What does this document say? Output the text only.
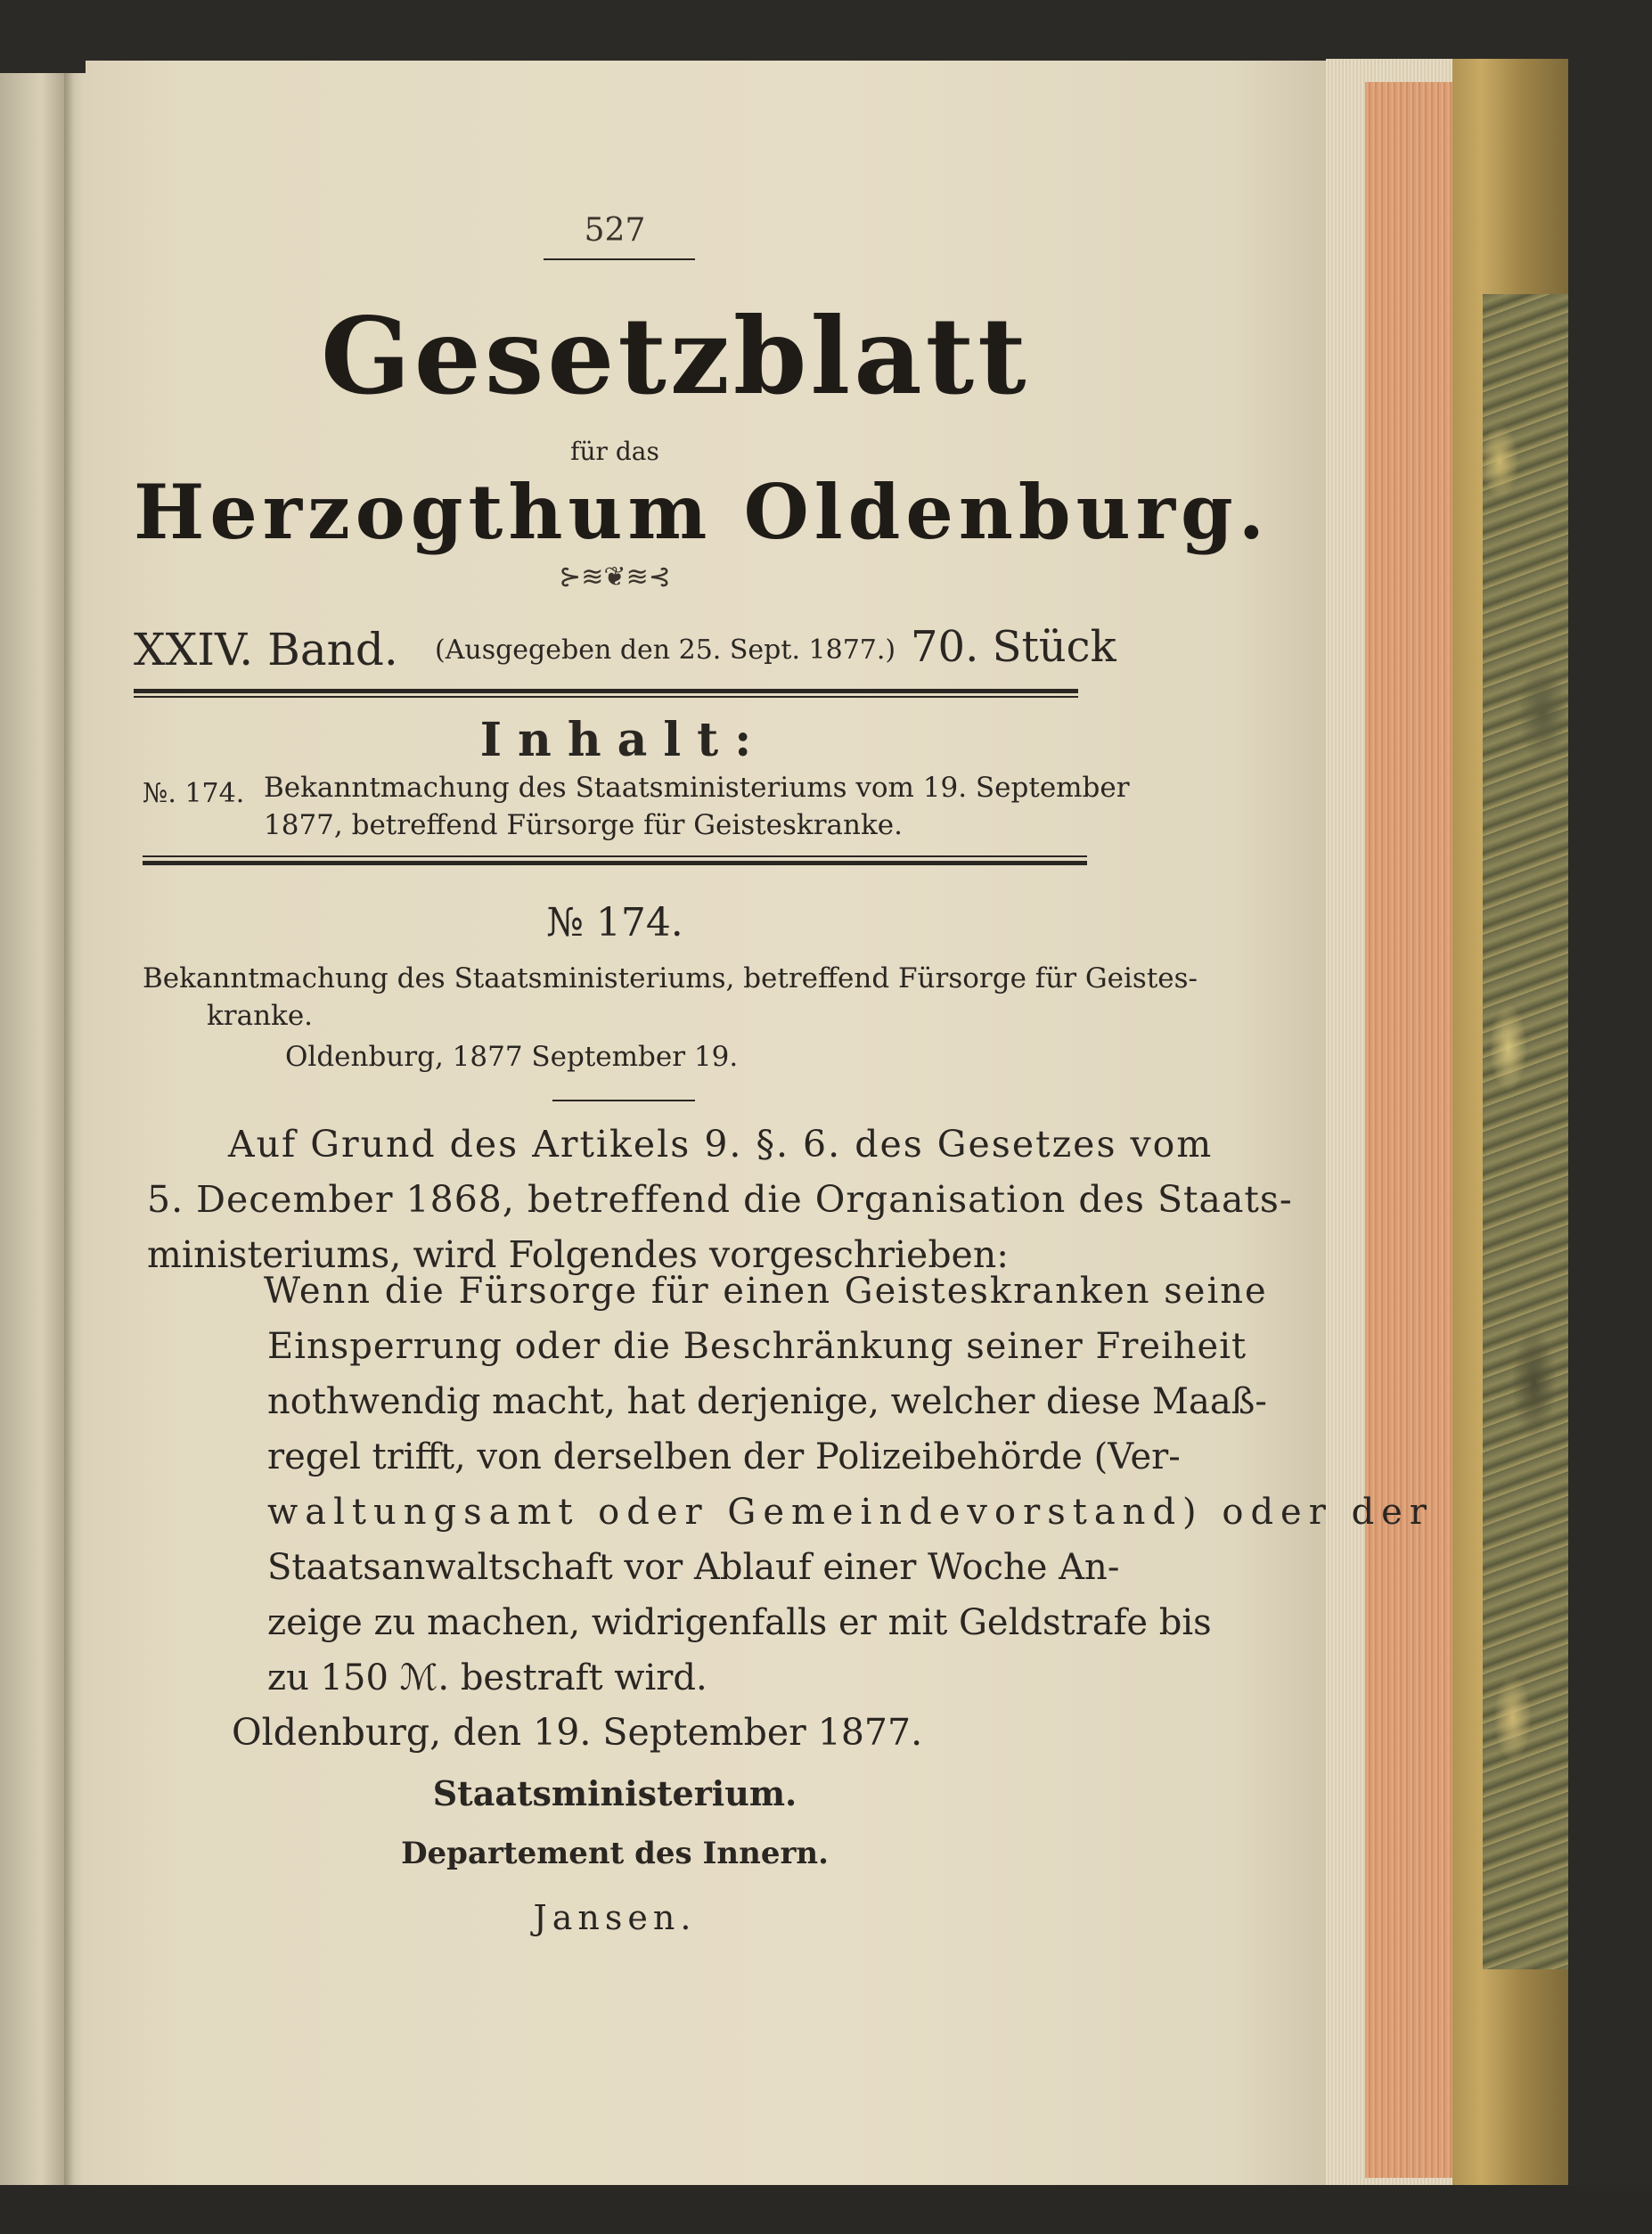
527
Gesetzblatt
für das
Herzogthum Oldenburg.
⊱≋❦≋⊰
XXIV. Band. (Ausgegeben den 25. Sept. 1877.) 70. Stück
Inhalt:
№. 174. Bekanntmachung des Staatsministeriums vom 19. September
1877, betreffend Fürsorge für Geisteskranke.
№ 174.
Bekanntmachung des Staatsministeriums, betreffend Fürsorge für Geistes-
kranke.
Oldenburg, 1877 September 19.
Auf Grund des Artikels 9. §. 6. des Gesetzes vom
5. December 1868, betreffend die Organisation des Staats-
ministeriums, wird Folgendes vorgeschrieben:
Wenn die Fürsorge für einen Geisteskranken seine
Einsperrung oder die Beschränkung seiner Freiheit
nothwendig macht, hat derjenige, welcher diese Maaß-
regel trifft, von derselben der Polizeibehörde (Ver-
waltungsamt oder Gemeindevorstand) oder der
Staatsanwaltschaft vor Ablauf einer Woche An-
zeige zu machen, widrigenfalls er mit Geldstrafe bis
zu 150 ℳ. bestraft wird.
Oldenburg, den 19. September 1877.
Staatsministerium.
Departement des Innern.
Jansen.
